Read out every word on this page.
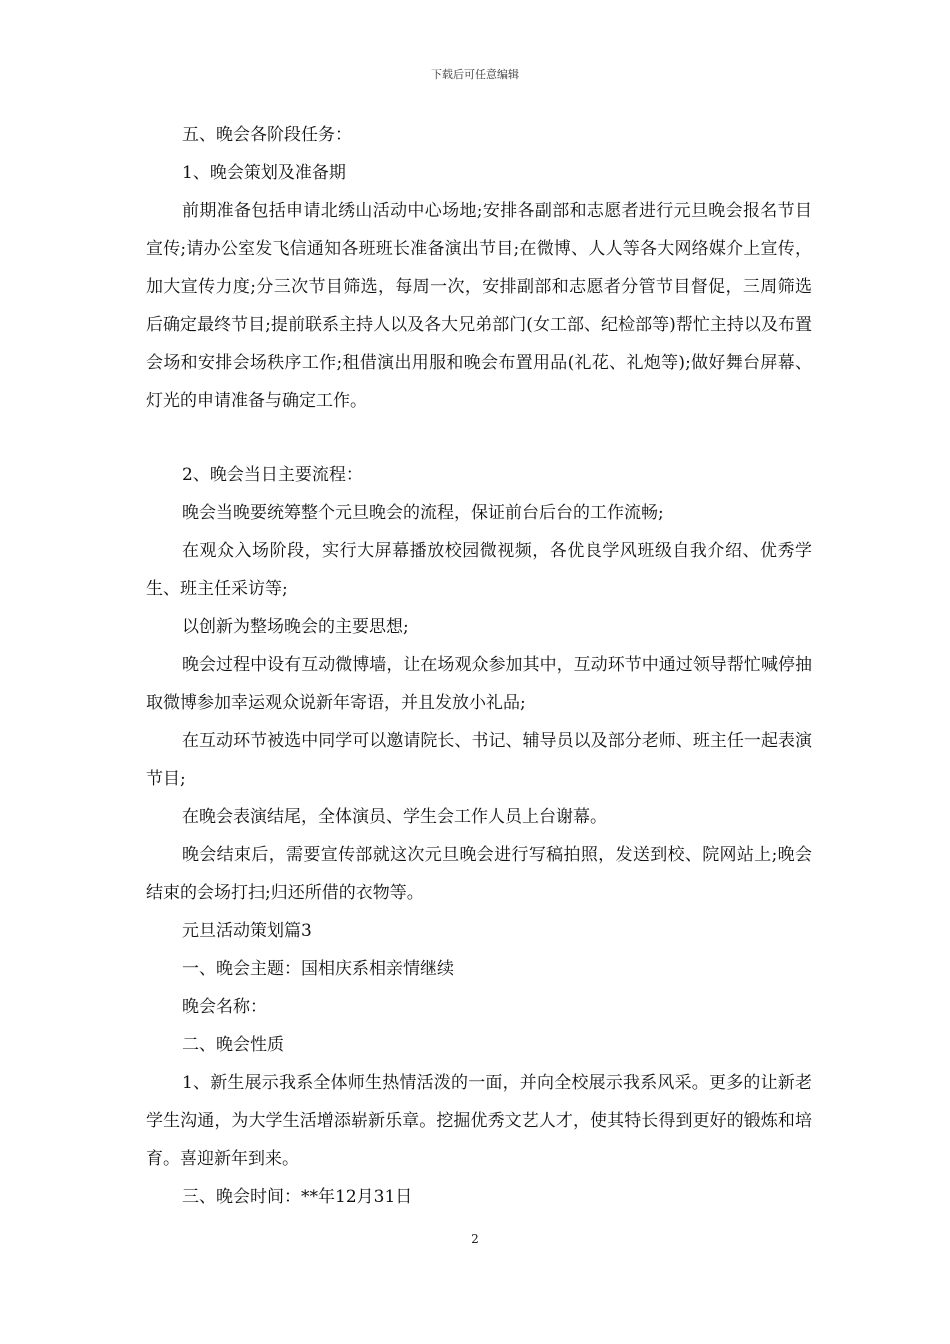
下载后可任意编辑

五、晚会各阶段任务：

1、晚会策划及准备期

前期准备包括申请北绣山活动中心场地;安排各副部和志愿者进行元旦晚会报名节目宣传;请办公室发飞信通知各班班长准备演出节目;在微博、人人等各大网络媒介上宣传，加大宣传力度;分三次节目筛选，每周一次，安排副部和志愿者分管节目督促，三周筛选后确定最终节目;提前联系主持人以及各大兄弟部门(女工部、纪检部等)帮忙主持以及布置会场和安排会场秩序工作;租借演出用服和晚会布置用品(礼花、礼炮等);做好舞台屏幕、灯光的申请准备与确定工作。

2、晚会当日主要流程：

晚会当晚要统筹整个元旦晚会的流程，保证前台后台的工作流畅;

在观众入场阶段，实行大屏幕播放校园微视频，各优良学风班级自我介绍、优秀学生、班主任采访等;

以创新为整场晚会的主要思想;

晚会过程中设有互动微博墙，让在场观众参加其中，互动环节中通过领导帮忙喊停抽取微博参加幸运观众说新年寄语，并且发放小礼品;

在互动环节被选中同学可以邀请院长、书记、辅导员以及部分老师、班主任一起表演节目;

在晚会表演结尾，全体演员、学生会工作人员上台谢幕。

晚会结束后，需要宣传部就这次元旦晚会进行写稿拍照，发送到校、院网站上;晚会结束的会场打扫;归还所借的衣物等。

元旦活动策划篇3

一、晚会主题：国相庆系相亲情继续

晚会名称：

二、晚会性质

1、新生展示我系全体师生热情活泼的一面，并向全校展示我系风采。更多的让新老学生沟通，为大学生活增添崭新乐章。挖掘优秀文艺人才，使其特长得到更好的锻炼和培育。喜迎新年到来。

三、晚会时间：**年12月31日

2
